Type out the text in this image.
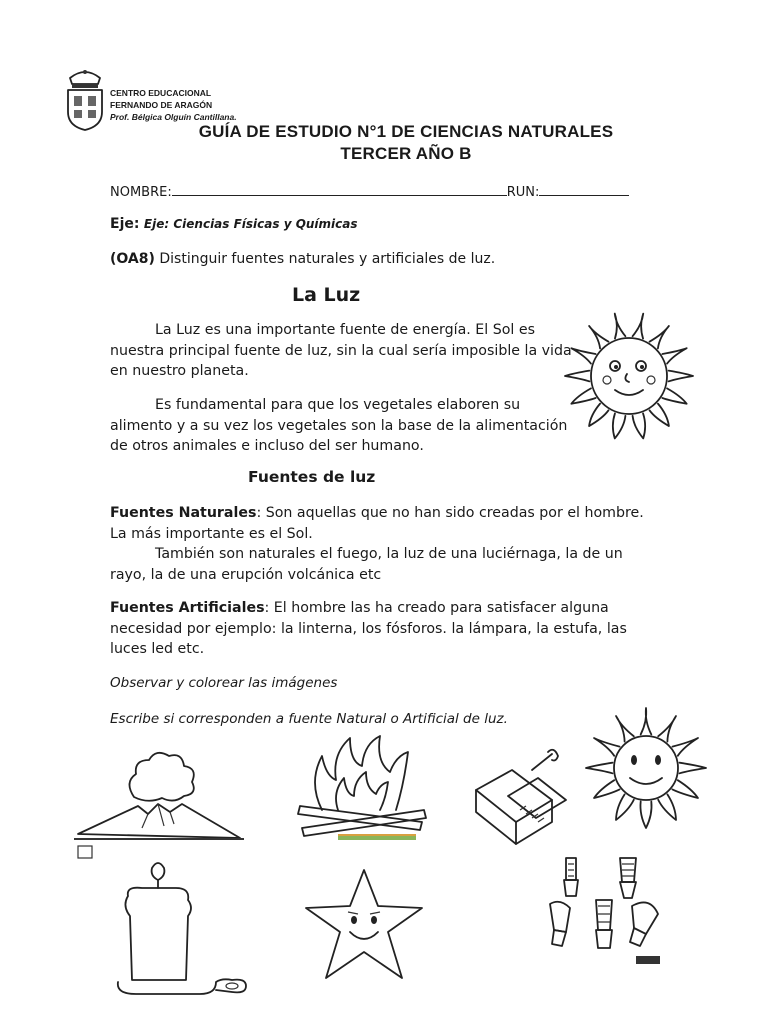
CENTRO EDUCACIONAL
FERNANDO DE ARAGÓN
Prof. Bélgica Olguín Cantillana.
GUÍA DE ESTUDIO N°1 DE CIENCIAS NATURALES
TERCER AÑO B
NOMBRE:	RUN:
Eje: Eje: Ciencias Físicas y Químicas
(OA8) Distinguir fuentes naturales y artificiales de luz.
La Luz
La Luz es una importante fuente de energía. El Sol es nuestra principal fuente de luz, sin la cual sería imposible la vida en nuestro planeta.
Es fundamental para que los vegetales elaboren su alimento y a su vez los vegetales son la base de la alimentación de otros animales e incluso del ser humano.
Fuentes de luz
Fuentes Naturales: Son aquellas que no han sido creadas por el hombre. La más importante es el Sol.
También son naturales el fuego, la luz de una luciérnaga, la de un rayo, la de una erupción volcánica etc
Fuentes Artificiales: El hombre las ha creado para satisfacer alguna necesidad por ejemplo: la linterna, los fósforos. la lámpara, la estufa, las luces led etc.
Observar y colorear las imágenes
Escribe si corresponden a fuente Natural o Artificial de luz.
